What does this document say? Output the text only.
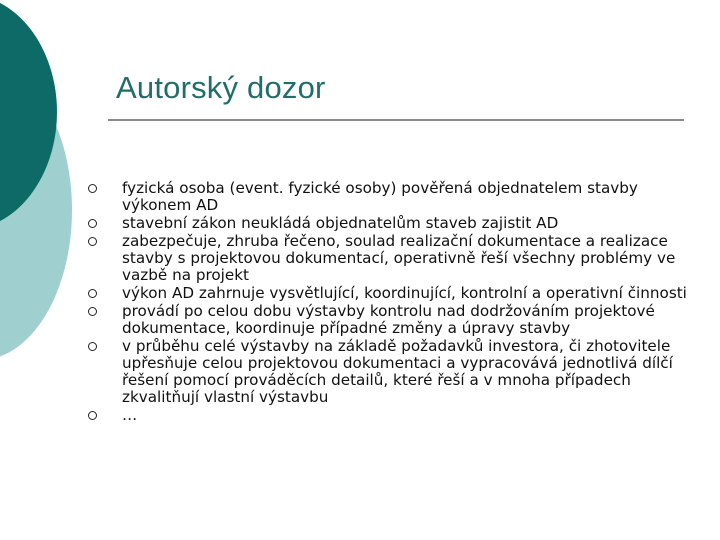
Autorský dozor
fyzická osoba (event. fyzické osoby) pověřená objednatelem stavby výkonem AD
stavební zákon neukládá objednatelům staveb zajistit AD
zabezpečuje, zhruba řečeno, soulad realizační dokumentace a realizace stavby s projektovou dokumentací, operativně řeší všechny problémy ve vazbě na projekt
výkon AD zahrnuje vysvětlující, koordinující, kontrolní a operativní činnosti
provádí po celou dobu výstavby kontrolu nad dodržováním projektové dokumentace, koordinuje případné změny a úpravy stavby
v průběhu celé výstavby na základě požadavků investora, či zhotovitele upřesňuje celou projektovou dokumentaci a vypracovává jednotlivá dílčí řešení pomocí prováděcích detailů, které řeší a v mnoha případech zkvalitňují vlastní výstavbu
…
